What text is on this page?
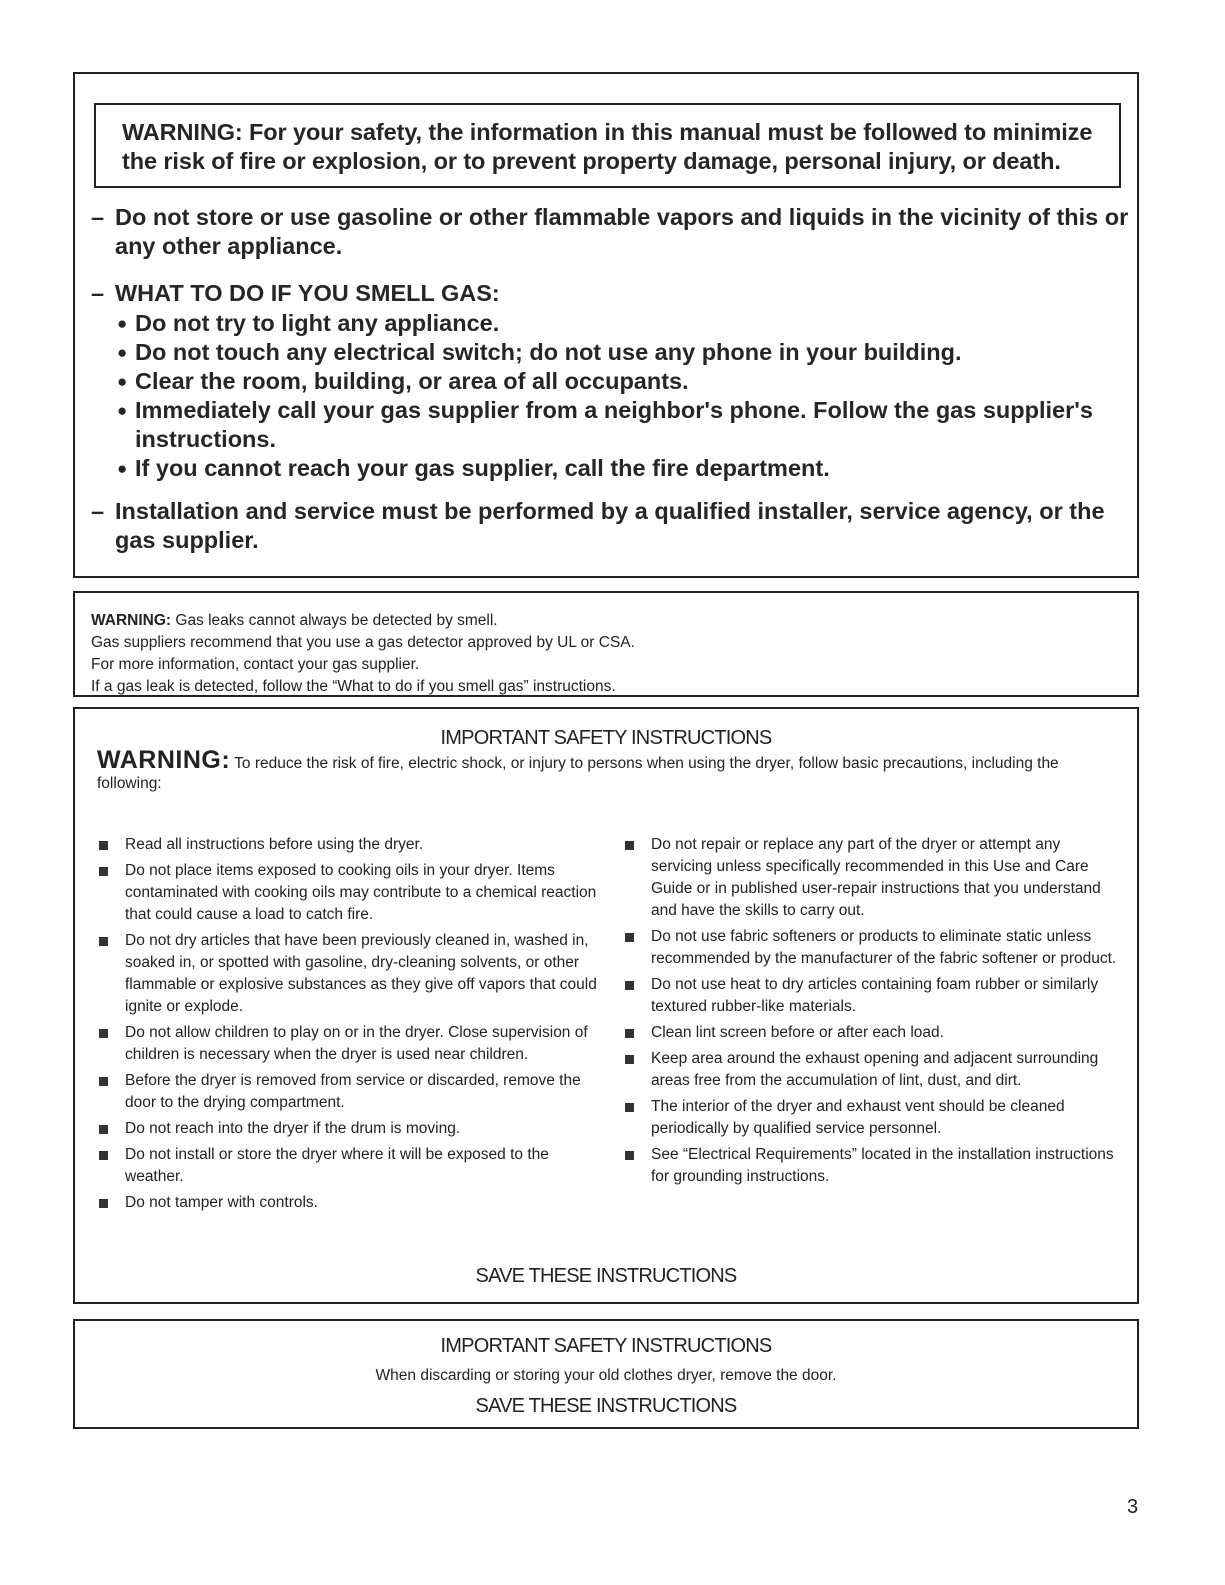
WARNING: For your safety, the information in this manual must be followed to minimize
the risk of fire or explosion, or to prevent property damage, personal injury, or death.
– Do not store or use gasoline or other flammable vapors and liquids in the vicinity of this or any other appliance.
– WHAT TO DO IF YOU SMELL GAS:
● Do not try to light any appliance.
● Do not touch any electrical switch; do not use any phone in your building.
● Clear the room, building, or area of all occupants.
● Immediately call your gas supplier from a neighbor's phone. Follow the gas supplier's instructions.
● If you cannot reach your gas supplier, call the fire department.
– Installation and service must be performed by a qualified installer, service agency, or the gas supplier.
WARNING: Gas leaks cannot always be detected by smell.
Gas suppliers recommend that you use a gas detector approved by UL or CSA.
For more information, contact your gas supplier.
If a gas leak is detected, follow the “What to do if you smell gas” instructions.
IMPORTANT SAFETY INSTRUCTIONS
WARNING: To reduce the risk of fire, electric shock, or injury to persons when using the dryer, follow basic precautions, including the following:
Read all instructions before using the dryer.
Do not place items exposed to cooking oils in your dryer. Items contaminated with cooking oils may contribute to a chemical reaction that could cause a load to catch fire.
Do not dry articles that have been previously cleaned in, washed in, soaked in, or spotted with gasoline, dry-cleaning solvents, or other flammable or explosive substances as they give off vapors that could ignite or explode.
Do not allow children to play on or in the dryer. Close supervision of children is necessary when the dryer is used near children.
Before the dryer is removed from service or discarded, remove the door to the drying compartment.
Do not reach into the dryer if the drum is moving.
Do not install or store the dryer where it will be exposed to the weather.
Do not tamper with controls.
Do not repair or replace any part of the dryer or attempt any servicing unless specifically recommended in this Use and Care Guide or in published user-repair instructions that you understand and have the skills to carry out.
Do not use fabric softeners or products to eliminate static unless recommended by the manufacturer of the fabric softener or product.
Do not use heat to dry articles containing foam rubber or similarly textured rubber-like materials.
Clean lint screen before or after each load.
Keep area around the exhaust opening and adjacent surrounding areas free from the accumulation of lint, dust, and dirt.
The interior of the dryer and exhaust vent should be cleaned periodically by qualified service personnel.
See “Electrical Requirements” located in the installation instructions for grounding instructions.
SAVE THESE INSTRUCTIONS
IMPORTANT SAFETY INSTRUCTIONS
When discarding or storing your old clothes dryer, remove the door.
SAVE THESE INSTRUCTIONS
3
